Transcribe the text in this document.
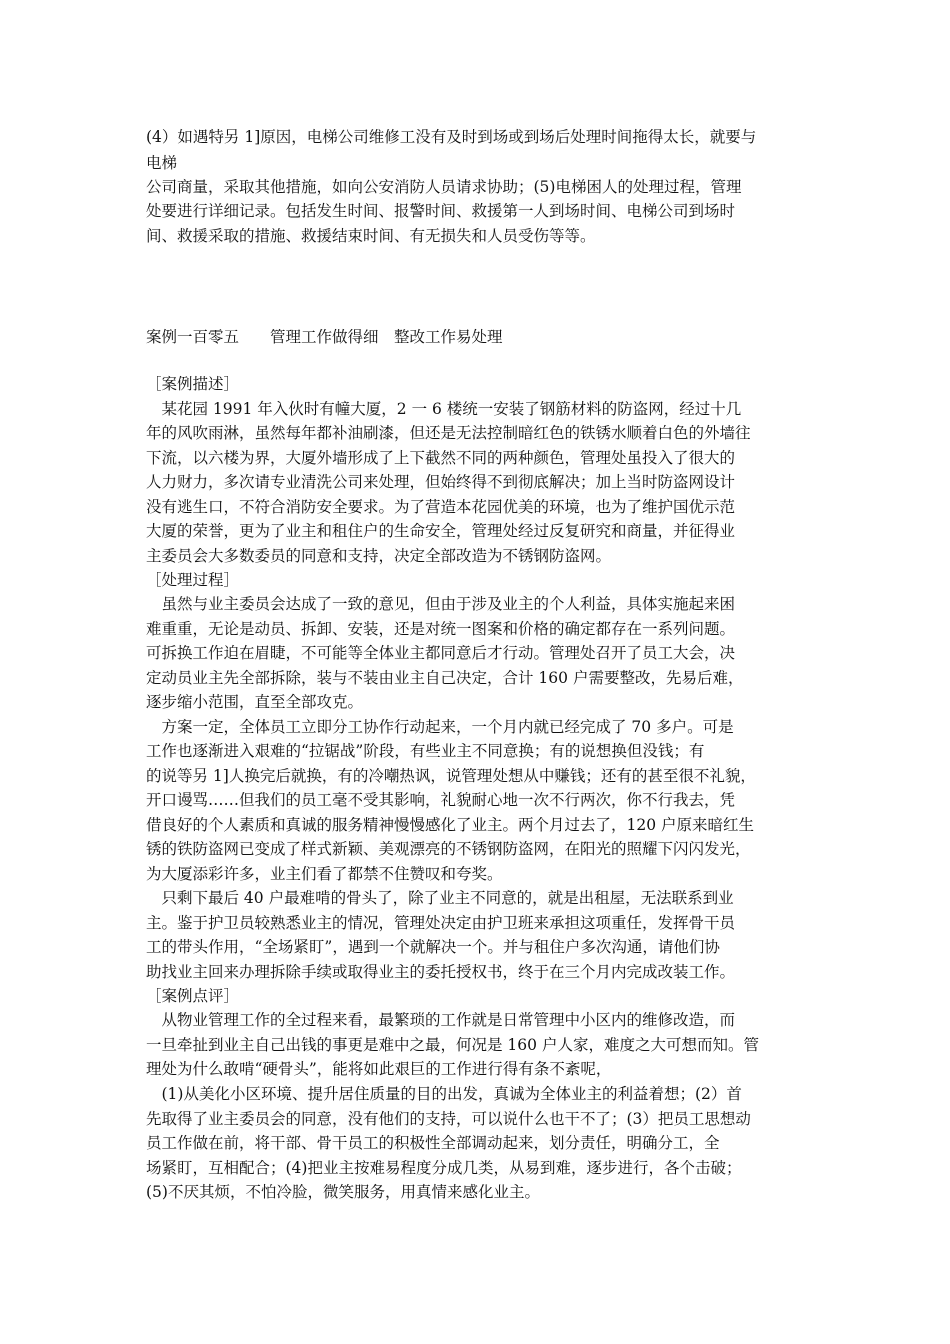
(4）如遇特另 1]原因，电梯公司维修工没有及时到场或到场后处理时间拖得太长，就要与
电梯
公司商量，采取其他措施，如向公安消防人员请求协助；(5)电梯困人的处理过程，管理
处要进行详细记录。包括发生时间、报警时间、救援第一人到场时间、电梯公司到场时
间、救援采取的措施、救援结束时间、有无损失和人员受伤等等。
案例一百零五　　管理工作做得细　整改工作易处理
［案例描述］
　某花园 1991 年入伙时有幢大厦，2 一 6 楼统一安装了钢筋材料的防盗网，经过十几
年的风吹雨淋，虽然每年都补油刷漆，但还是无法控制暗红色的铁锈水顺着白色的外墙往
下流，以六楼为界，大厦外墙形成了上下截然不同的两种颜色，管理处虽投入了很大的
人力财力，多次请专业清洗公司来处理，但始终得不到彻底解决；加上当时防盗网设计
没有逃生口，不符合消防安全要求。为了营造本花园优美的环境，也为了维护国优示范
大厦的荣誉，更为了业主和租住户的生命安全，管理处经过反复研究和商量，并征得业
主委员会大多数委员的同意和支持，决定全部改造为不锈钢防盗网。
［处理过程］
　虽然与业主委员会达成了一致的意见，但由于涉及业主的个人利益，具体实施起来困
难重重，无论是动员、拆卸、安装，还是对统一图案和价格的确定都存在一系列问题。
可拆换工作迫在眉睫，不可能等全体业主都同意后才行动。管理处召开了员工大会，决
定动员业主先全部拆除，装与不装由业主自己决定，合计 160 户需要整改，先易后难，
逐步缩小范围，直至全部攻克。
　方案一定，全体员工立即分工协作行动起来，一个月内就已经完成了 70 多户。可是
工作也逐渐进入艰难的“拉锯战”阶段，有些业主不同意换；有的说想换但没钱；有
的说等另 1]人换完后就换，有的冷嘲热讽，说管理处想从中赚钱；还有的甚至很不礼貌，
开口谩骂……但我们的员工毫不受其影响，礼貌耐心地一次不行两次，你不行我去，凭
借良好的个人素质和真诚的服务精神慢慢感化了业主。两个月过去了，120 户原来暗红生
锈的铁防盗网已变成了样式新颖、美观漂亮的不锈钢防盗网，在阳光的照耀下闪闪发光，
为大厦添彩许多，业主们看了都禁不住赞叹和夸奖。
　只剩下最后 40 户最难啃的骨头了，除了业主不同意的，就是出租屋，无法联系到业
主。鉴于护卫员较熟悉业主的情况，管理处决定由护卫班来承担这项重任，发挥骨干员
工的带头作用，“全场紧盯”，遇到一个就解决一个。并与租住户多次沟通，请他们协
助找业主回来办理拆除手续或取得业主的委托授权书，终于在三个月内完成改装工作。
［案例点评］
　从物业管理工作的全过程来看，最繁琐的工作就是日常管理中小区内的维修改造，而
一旦牵扯到业主自己出钱的事更是难中之最，何况是 160 户人家，难度之大可想而知。管
理处为什么敢啃“硬骨头”，能将如此艰巨的工作进行得有条不紊呢，
　(1)从美化小区环境、提升居住质量的目的出发，真诚为全体业主的利益着想；(2）首
先取得了业主委员会的同意，没有他们的支持，可以说什么也干不了；(3）把员工思想动
员工作做在前，将干部、骨干员工的积极性全部调动起来，划分责任，明确分工，全
场紧盯，互相配合；(4)把业主按难易程度分成几类，从易到难，逐步进行，各个击破；
(5)不厌其烦，不怕冷脸，微笑服务，用真情来感化业主。
